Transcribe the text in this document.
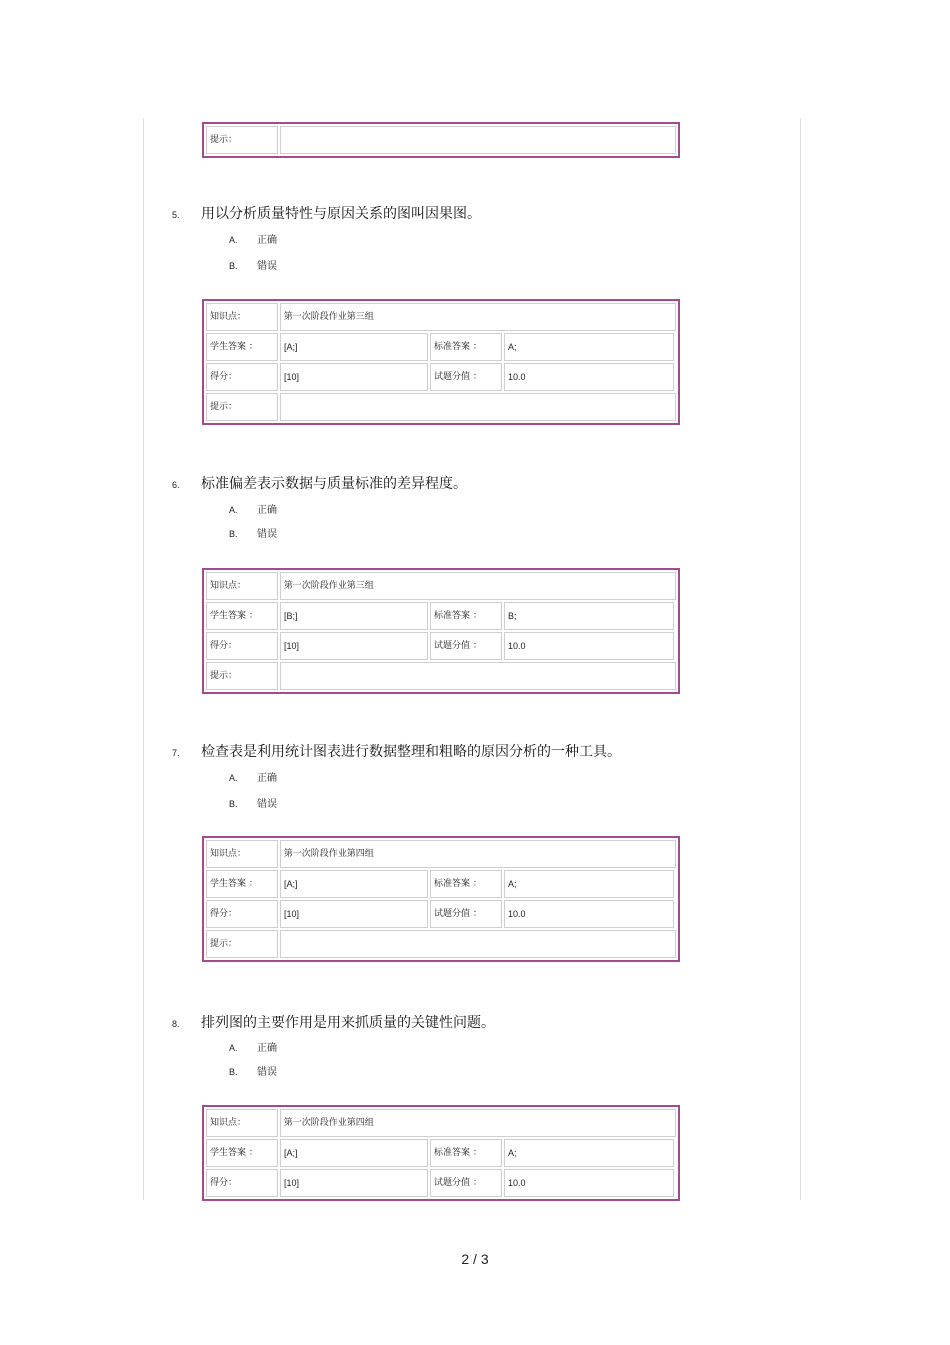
提示：
5. 用以分析质量特性与原因关系的图叫因果图。
A. 正确
B. 错误
知识点：	第一次阶段作业第三组
学生答案 ：	[A;]	标准答案 ：	A;
得分：	[10]	试题分值 ：	10.0
提示：
6. 标准偏差表示数据与质量标准的差异程度。
A. 正确
B. 错误
知识点：	第一次阶段作业第三组
学生答案 ：	[B;]	标准答案 ：	B;
得分：	[10]	试题分值 ：	10.0
提示：
7. 检查表是利用统计图表进行数据整理和粗略的原因分析的一种工具。
A. 正确
B. 错误
知识点：	第一次阶段作业第四组
学生答案 ：	[A;]	标准答案 ：	A;
得分：	[10]	试题分值 ：	10.0
提示：
8. 排列图的主要作用是用来抓质量的关键性问题。
A. 正确
B. 错误
知识点：	第一次阶段作业第四组
学生答案 ：	[A;]	标准答案 ：	A;
得分：	[10]	试题分值 ：	10.0
2 / 3
